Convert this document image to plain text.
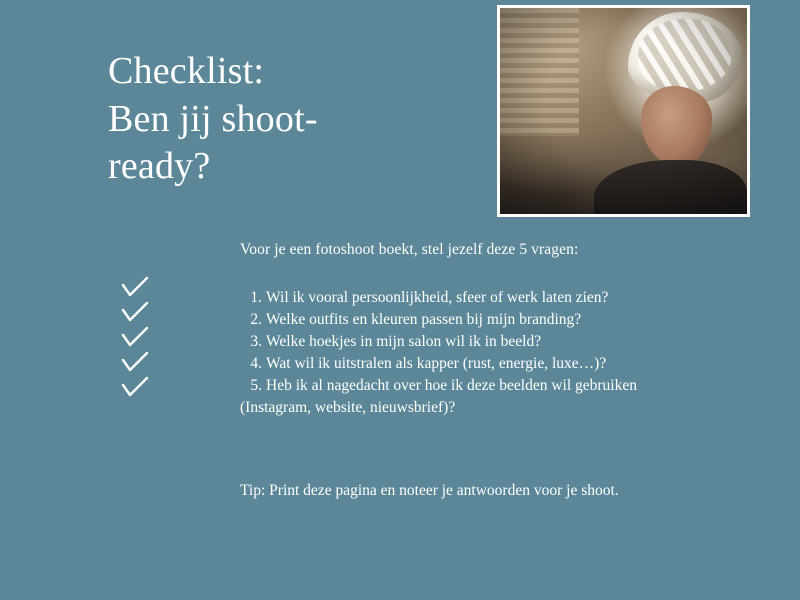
Checklist:
Ben jij shoot-
ready?
Voor je een fotoshoot boekt, stel jezelf deze 5 vragen:
1. Wil ik vooral persoonlijkheid, sfeer of werk laten zien?
2. Welke outfits en kleuren passen bij mijn branding?
3. Welke hoekjes in mijn salon wil ik in beeld?
4. Wat wil ik uitstralen als kapper (rust, energie, luxe…)?
5. Heb ik al nagedacht over hoe ik deze beelden wil gebruiken
(Instagram, website, nieuwsbrief)?
Tip: Print deze pagina en noteer je antwoorden voor je shoot.
